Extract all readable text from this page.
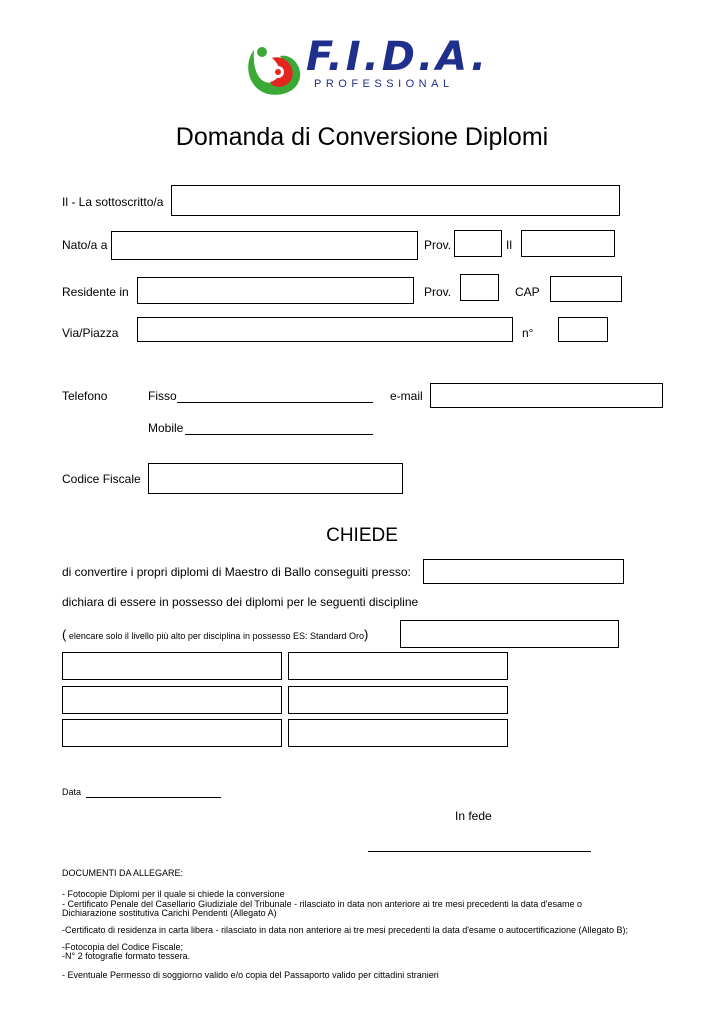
F.I.D.A.
PROFESSIONAL
Domanda di Conversione Diplomi
Il - La sottoscritto/a
Nato/a a	Prov.	Il
Residente in	Prov.	CAP
Via/Piazza	n°
Telefono	Fisso	e-mail
Mobile
Codice Fiscale
CHIEDE
di convertire i propri diplomi di Maestro di Ballo conseguiti presso:
dichiara di essere in possesso dei diplomi per le seguenti discipline
( elencare solo il livello più alto per disciplina in possesso ES: Standard Oro)
Data
In fede
DOCUMENTI DA ALLEGARE:
- Fotocopie Diplomi per il quale si chiede la conversione
- Certificato Penale del Casellario Giudiziale del Tribunale - rilasciato in data non anteriore ai tre mesi precedenti la data d'esame o
Dichiarazione sostitutiva Carichi Pendenti (Allegato A)
-Certificato di residenza in carta libera - rilasciato in data non anteriore ai tre mesi precedenti la data d'esame o autocertificazione (Allegato B);
-Fotocopia del Codice Fiscale;
-N° 2 fotografie formato tessera.
- Eventuale Permesso di soggiorno valido e/o copia del Passaporto valido per cittadini stranieri
